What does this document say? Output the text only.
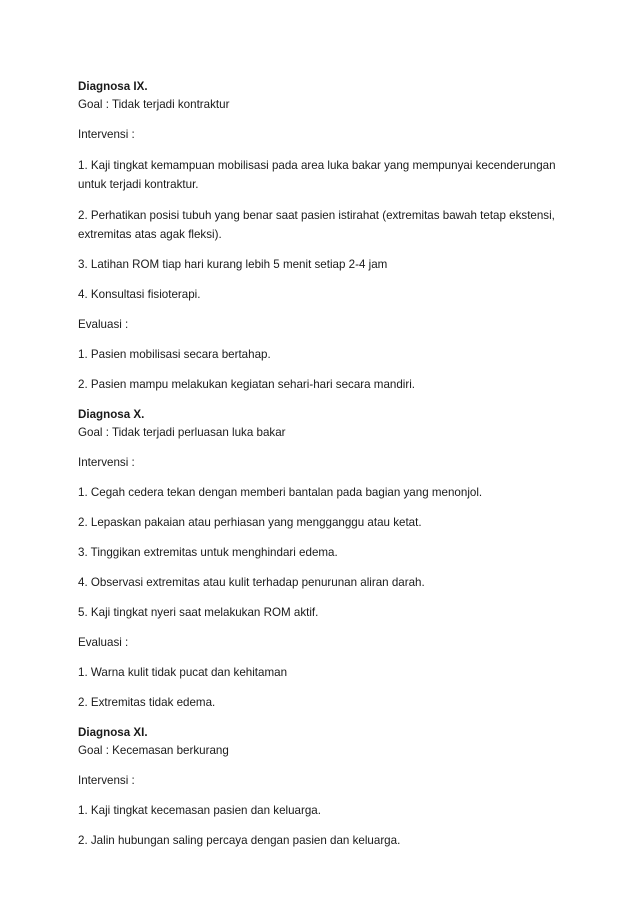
Diagnosa IX.

Goal : Tidak terjadi kontraktur

Intervensi :

1. Kaji tingkat kemampuan mobilisasi pada area luka bakar yang mempunyai kecenderungan untuk terjadi kontraktur.

2. Perhatikan posisi tubuh yang benar saat pasien istirahat (extremitas bawah tetap ekstensi, extremitas atas agak fleksi).

3. Latihan ROM tiap hari kurang lebih 5 menit setiap 2-4 jam

4. Konsultasi fisioterapi.

Evaluasi :

1. Pasien mobilisasi secara bertahap.

2. Pasien mampu melakukan kegiatan sehari-hari secara mandiri.

Diagnosa X.

Goal : Tidak terjadi perluasan luka bakar

Intervensi :

1. Cegah cedera tekan dengan memberi bantalan pada bagian yang menonjol.

2. Lepaskan pakaian atau perhiasan yang mengganggu atau ketat.

3. Tinggikan extremitas untuk menghindari edema.

4. Observasi extremitas atau kulit terhadap penurunan aliran darah.

5. Kaji tingkat nyeri saat melakukan ROM aktif.

Evaluasi :

1. Warna kulit tidak pucat dan kehitaman

2. Extremitas tidak edema.

Diagnosa XI.

Goal : Kecemasan berkurang

Intervensi :

1. Kaji tingkat kecemasan pasien dan keluarga.

2. Jalin hubungan saling percaya dengan pasien dan keluarga.
